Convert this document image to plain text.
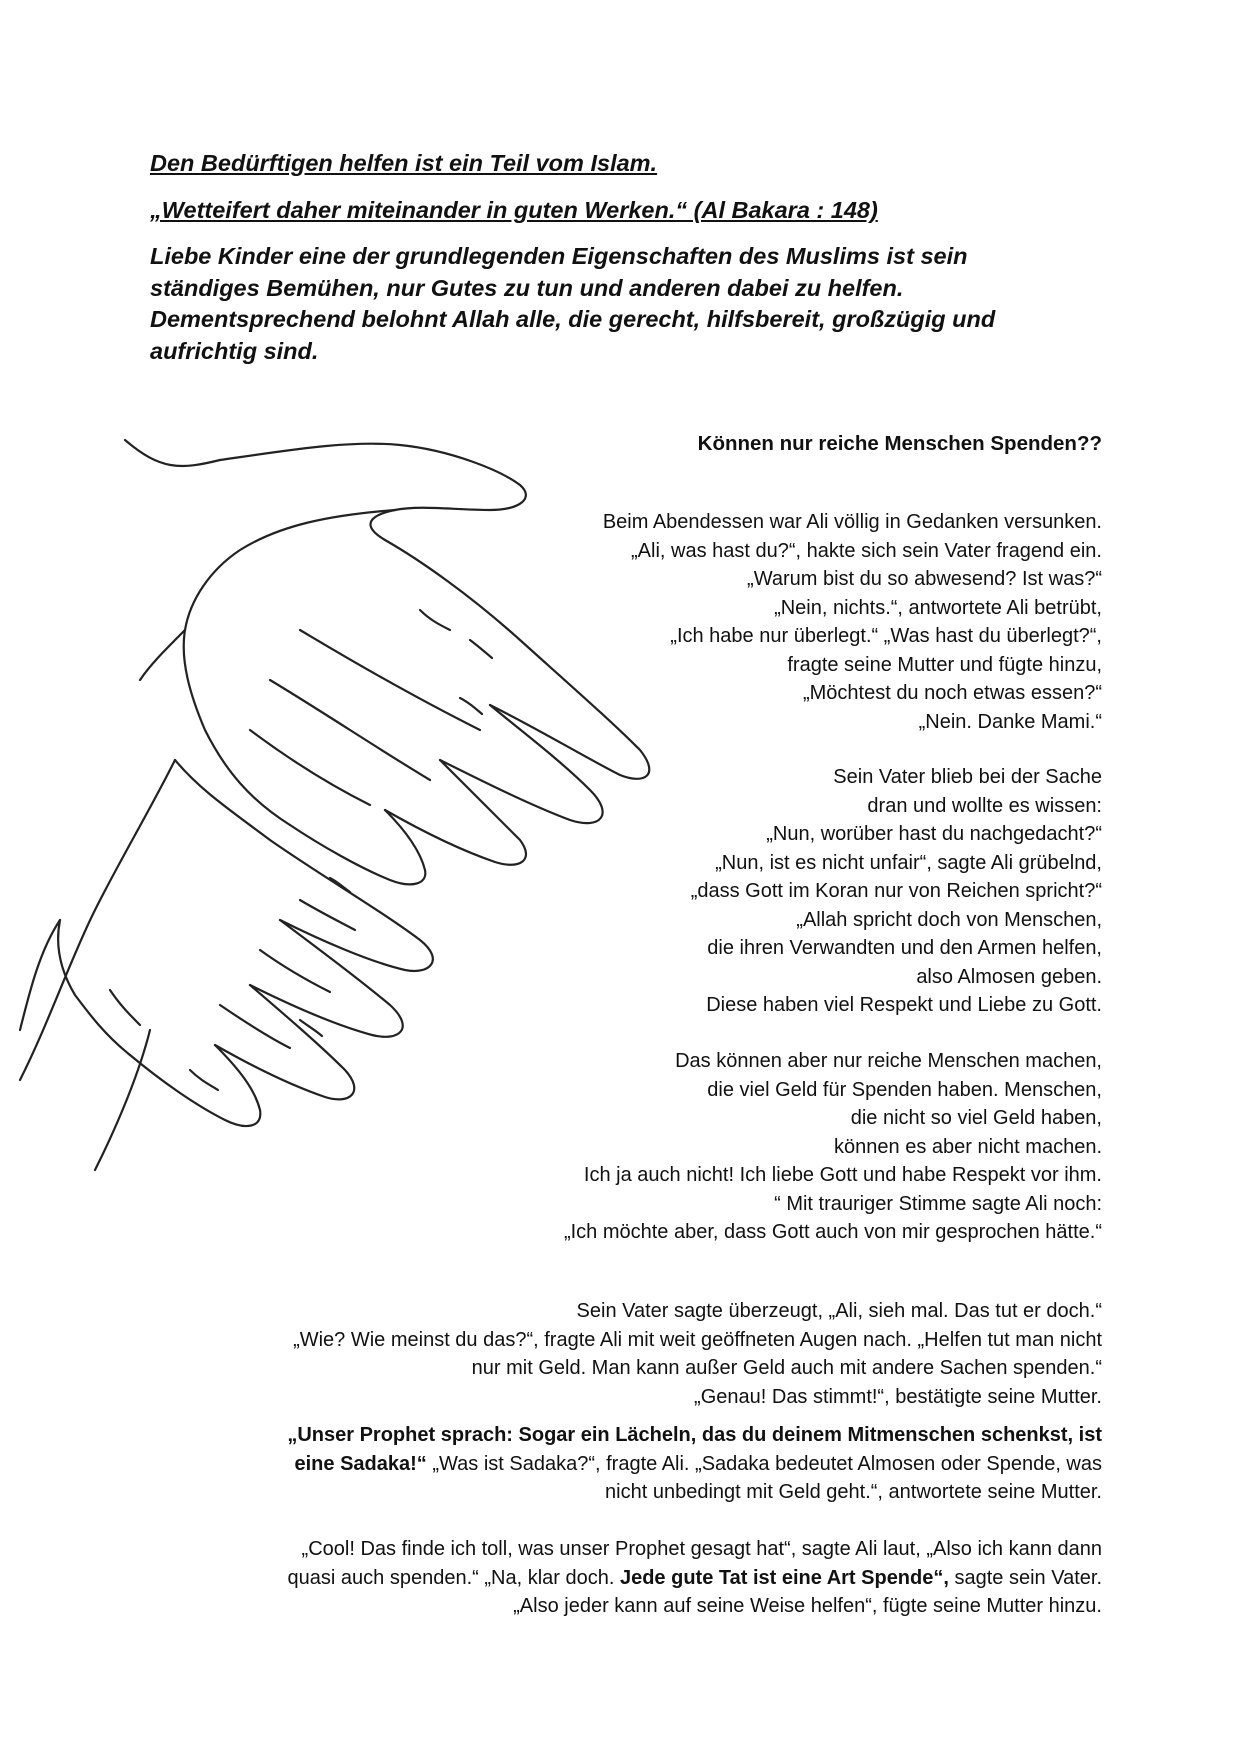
Den Bedürftigen helfen ist ein Teil vom Islam.
„Wetteifert daher miteinander in guten Werken.“ (Al Bakara : 148)
Liebe Kinder eine der grundlegenden Eigenschaften des Muslims ist sein
ständiges Bemühen, nur Gutes zu tun und anderen dabei zu helfen.
Dementsprechend belohnt Allah alle, die gerecht, hilfsbereit, großzügig und
aufrichtig sind.
Können nur reiche Menschen Spenden??
Beim Abendessen war Ali völlig in Gedanken versunken.
„Ali, was hast du?“, hakte sich sein Vater fragend ein.
„Warum bist du so abwesend? Ist was?“
„Nein, nichts.“, antwortete Ali betrübt,
„Ich habe nur überlegt.“ „Was hast du überlegt?“,
fragte seine Mutter und fügte hinzu,
„Möchtest du noch etwas essen?“
„Nein. Danke Mami.“
Sein Vater blieb bei der Sache
dran und wollte es wissen:
„Nun, worüber hast du nachgedacht?“
„Nun, ist es nicht unfair“, sagte Ali grübelnd,
„dass Gott im Koran nur von Reichen spricht?“
„Allah spricht doch von Menschen,
die ihren Verwandten und den Armen helfen,
also Almosen geben.
Diese haben viel Respekt und Liebe zu Gott.
Das können aber nur reiche Menschen machen,
die viel Geld für Spenden haben. Menschen,
die nicht so viel Geld haben,
können es aber nicht machen.
Ich ja auch nicht! Ich liebe Gott und habe Respekt vor ihm.
“ Mit trauriger Stimme sagte Ali noch:
„Ich möchte aber, dass Gott auch von mir gesprochen hätte.“
Sein Vater sagte überzeugt, „Ali, sieh mal. Das tut er doch.“
„Wie? Wie meinst du das?“, fragte Ali mit weit geöffneten Augen nach. „Helfen tut man nicht
nur mit Geld. Man kann außer Geld auch mit andere Sachen spenden.“
„Genau! Das stimmt!“, bestätigte seine Mutter.
„Unser Prophet sprach: Sogar ein Lächeln, das du deinem Mitmenschen schenkst, ist
eine Sadaka!“ „Was ist Sadaka?“, fragte Ali. „Sadaka bedeutet Almosen oder Spende, was
nicht unbedingt mit Geld geht.“, antwortete seine Mutter.
„Cool! Das finde ich toll, was unser Prophet gesagt hat“, sagte Ali laut, „Also ich kann dann
quasi auch spenden.“ „Na, klar doch. Jede gute Tat ist eine Art Spende“, sagte sein Vater.
„Also jeder kann auf seine Weise helfen“, fügte seine Mutter hinzu.
